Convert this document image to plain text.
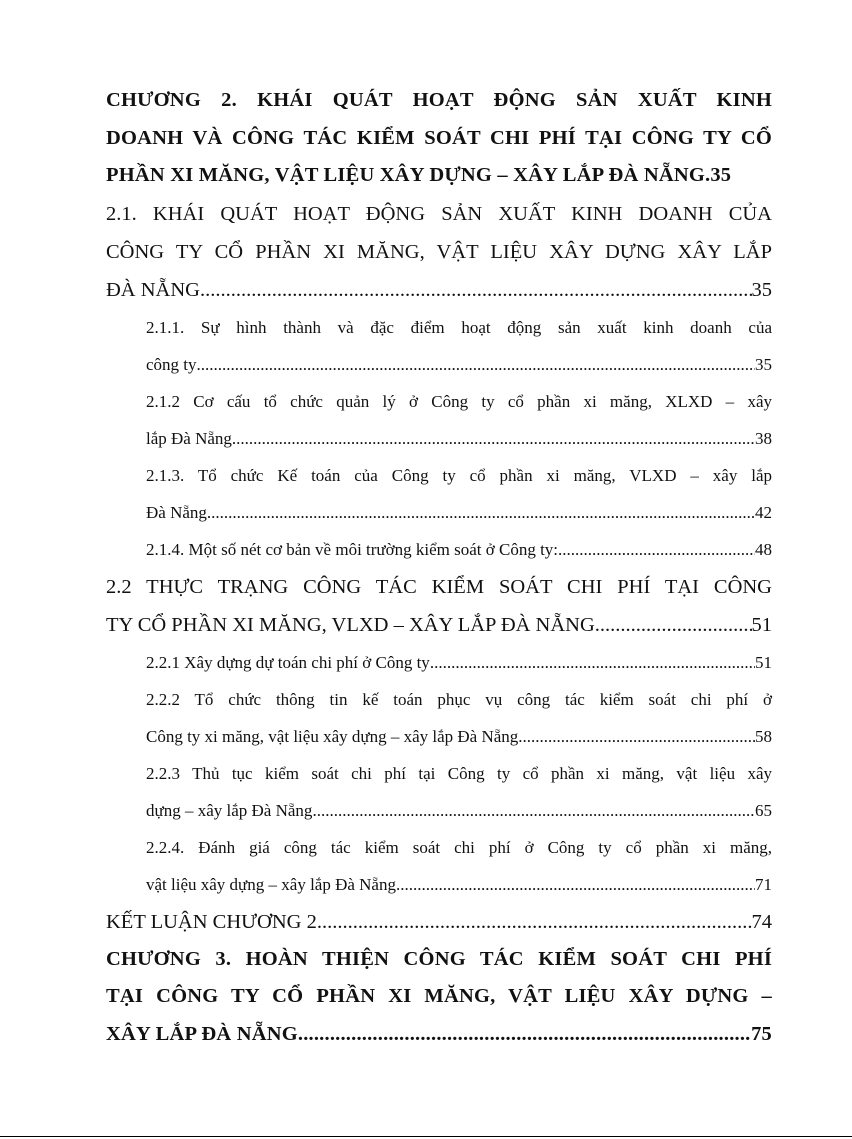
CHƯƠNG 2. KHÁI QUÁT HOẠT ĐỘNG SẢN XUẤT KINH
DOANH VÀ CÔNG TÁC KIỂM SOÁT CHI PHÍ TẠI CÔNG TY CỔ
PHẦN XI MĂNG, VẬT LIỆU XÂY DỰNG – XÂY LẮP ĐÀ NẴNG. 35
2.1. KHÁI QUÁT HOẠT ĐỘNG SẢN XUẤT KINH DOANH CỦA
CÔNG TY CỔ PHẦN XI MĂNG, VẬT LIỆU XÂY DỰNG XÂY LẮP
ĐÀ NẴNG .....	35
2.1.1. Sự hình thành và đặc điểm hoạt động sản xuất kinh doanh của
công ty .....	35
2.1.2 Cơ cấu tổ chức quản lý ở Công ty cổ phần xi măng, XLXD – xây
lắp Đà Nẵng .....	38
2.1.3. Tổ chức Kế toán của Công ty cổ phần xi măng, VLXD – xây lắp
Đà Nẵng .....	42
2.1.4. Một số nét cơ bản về môi trường kiểm soát ở Công ty: .....	48
2.2 THỰC TRẠNG CÔNG TÁC KIỂM SOÁT CHI PHÍ TẠI CÔNG
TY CỔ PHẦN XI MĂNG, VLXD – XÂY LẮP ĐÀ NẴNG .....	51
2.2.1 Xây dựng dự toán chi phí ở Công ty .....	51
2.2.2 Tổ chức thông tin kế toán phục vụ công tác kiểm soát chi phí ở
Công ty xi măng, vật liệu xây dựng – xây lắp Đà Nẵng .....	58
2.2.3 Thủ tục kiểm soát chi phí tại Công ty cổ phần xi măng, vật liệu xây
dựng – xây lắp Đà Nẵng .....	65
2.2.4. Đánh giá công tác kiểm soát chi phí ở Công ty cổ phần xi măng,
vật liệu xây dựng – xây lắp Đà Nẵng .....	71
KẾT LUẬN CHƯƠNG 2 .....	74
CHƯƠNG 3. HOÀN THIỆN CÔNG TÁC KIỂM SOÁT CHI PHÍ
TẠI CÔNG TY CỔ PHẦN XI MĂNG, VẬT LIỆU XÂY DỰNG –
XÂY LẮP ĐÀ NẴNG .....	75
